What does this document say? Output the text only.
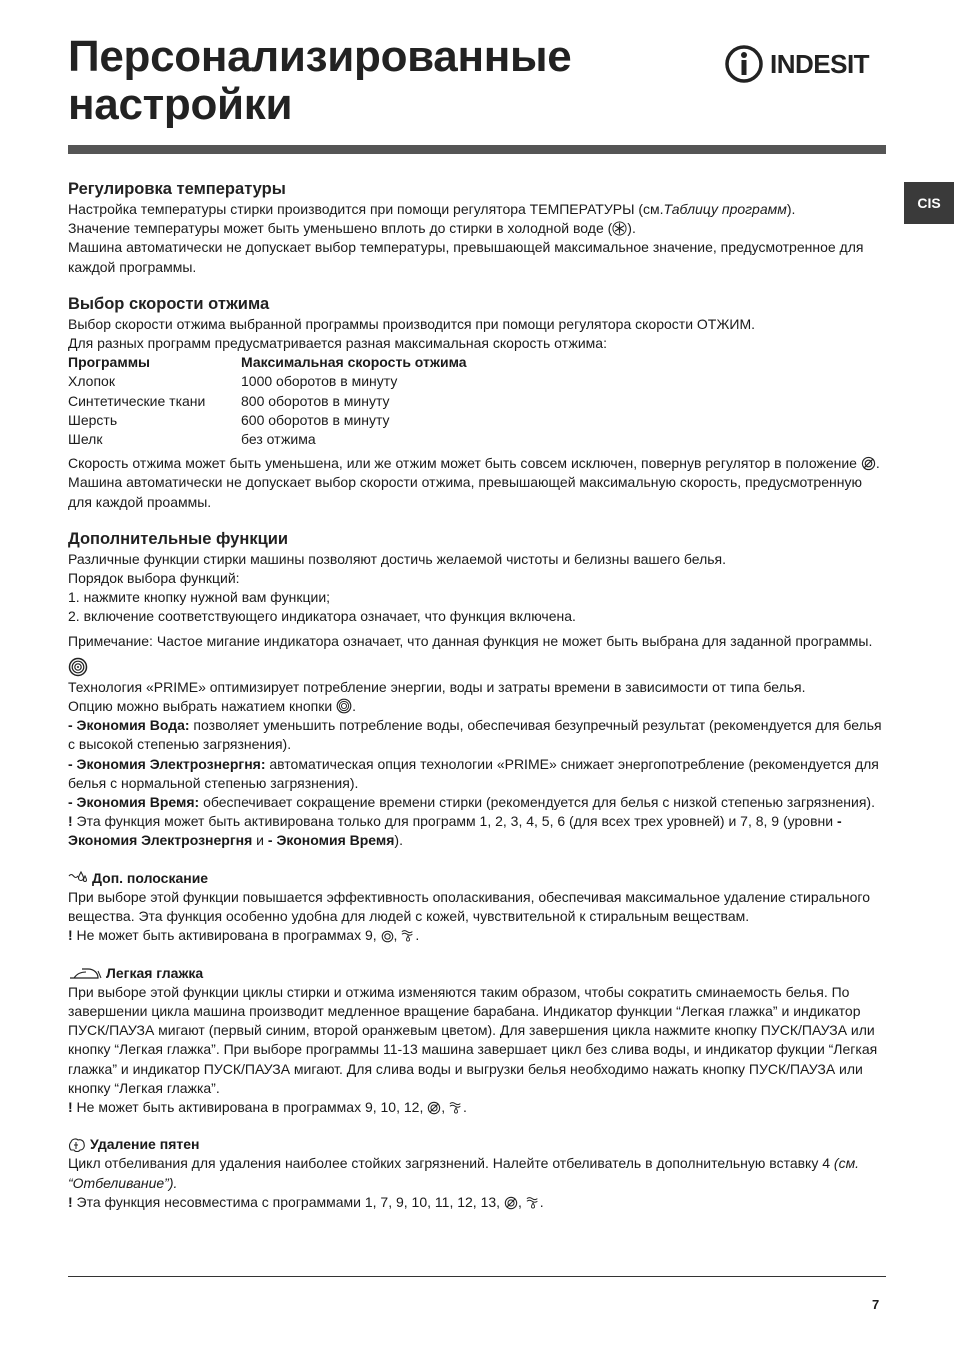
Персонализированные
настройки
INDESIT
CIS
Регулировка температуры

Настройка температуры стирки производится при помощи регулятора ТЕМПЕРАТУРЫ (см.Таблицу программ).

Значение температуры может быть уменьшено вплоть до стирки в холодной воде ( ).

Машина автоматически не допускает выбор температуры, превышающей максимальное значение, предусмотренное для каждой программы.

Выбор скорости отжима

Выбор скорости отжима выбранной программы производится при помощи регулятора скорости ОТЖИМ.

Для разных программ предусматривается разная максимальная скорость отжима:

Программы	Максимальная скорость отжима
Хлопок	1000 оборотов в минуту
Синтетические ткани	800 оборотов в минуту
Шерсть	600 оборотов в минуту
Шелк	без отжима

Скорость отжима может быть уменьшена, или же отжим может быть совсем исключен, повернув регулятор в положение .

Машина автоматически не допускает выбор скорости отжима, превышающей максимальную скорость, предусмотренную для каждой проаммы.

Дополнительные функции

Различные функции стирки машины позволяют достичь желаемой чистоты и белизны вашего белья.

Порядок выбора функций:

1. нажмите кнопку нужной вам функции;

2. включение соответствующего индикатора означает, что функция включена.

Примечание: Частое мигание индикатора означает, что данная функция не может быть выбрана для заданной программы.

Технология «PRIME» оптимизирует потребление энергии, воды и затраты времени в зависимости от типа белья.

Опцию можно выбрать нажатием кнопки .

- Экономия Вода: позволяет уменьшить потребление воды, обеспечивая безупречный результат (рекомендуется для белья с высокой степенью загрязнения).

- Экономия Электрознергня: автоматическая опция технологии «PRIME» снижает энергопотребление (рекомендуется для белья с нормальной степенью загрязнения).

- Экономия Время: обеспечивает сокращение времени стирки (рекомендуется для белья с низкой степенью загрязнения).

! Эта функция может быть активирована только для программ 1, 2, 3, 4, 5, 6 (для всех трех уровней) и 7, 8, 9 (уровни - Экономия Электрознергня и - Экономия Время).

Доп. полоскание

При выборе этой функции повышается эффективность ополаскивания, обеспечивая максимальное удаление стирального вещества. Эта функция особенно удобна для людей с кожей, чувствительной к стиральным веществам.

! Не может быть активирована в программах 9, , .

Легкая глажка

При выборе этой функции циклы стирки и отжима изменяются таким образом, чтобы сократить сминаемость белья. По завершении цикла машина производит медленное вращение барабана. Индикатор функции “Легкая глажка” и индикатор ПУСК/ПАУЗА мигают (первый синим, второй оранжевым цветом). Для завершения цикла нажмите кнопку ПУСК/ПАУЗА или кнопку “Легкая глажка”. При выборе программы 11-13 машина завершает цикл без слива воды, и индикатор фукции “Легкая глажка” и индикатор ПУСК/ПАУЗА мигают. Для слива воды и выгрузки белья необходимо нажать кнопку ПУСК/ПАУЗА или кнопку “Легкая глажка”.

! Не может быть активирована в программах 9, 10, 12, , .

Удаление пятен

Цикл отбеливания для удаления наиболее стойких загрязнений. Налейте отбеливатель в дополнительную вставку 4 (см. “Отбеливание”).

! Эта функция несовместима с программами 1, 7, 9, 10, 11, 12, 13, , .

7
